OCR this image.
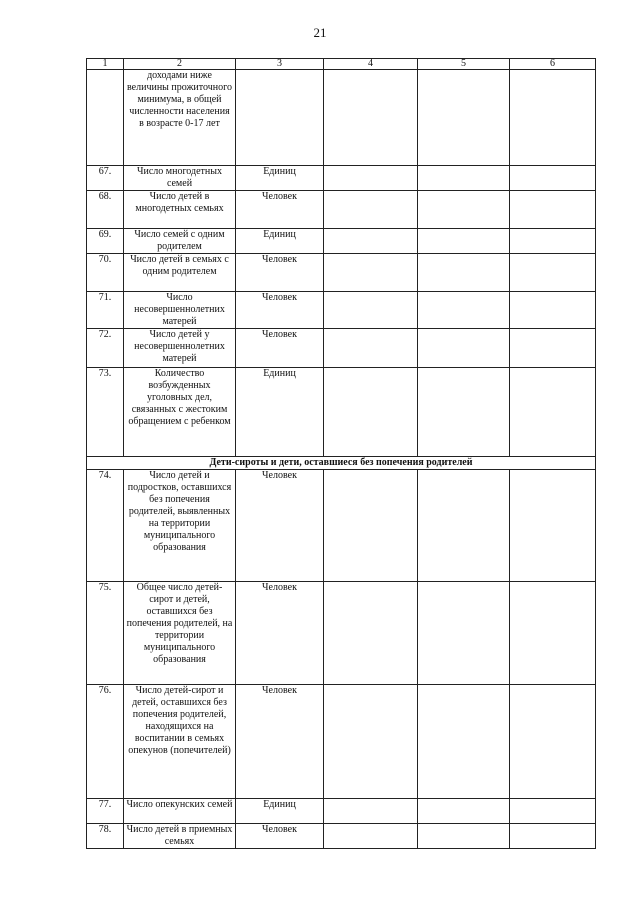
21
1	2	3	4	5	6
	доходами ниже величины прожиточного минимума, в общей численности населения в возрасте 0-17 лет				
67.	Число многодетных семей	Единиц			
68.	Число детей в многодетных семьях	Человек			
69.	Число семей с одним родителем	Единиц			
70.	Число детей в семьях с одним родителем	Человек			
71.	Число несовершеннолетних матерей	Человек			
72.	Число детей у несовершеннолетних матерей	Человек			
73.	Количество возбужденных уголовных дел, связанных с жестоким обращением с ребенком	Единиц			
Дети-сироты и дети, оставшиеся без попечения родителей					
74.	Число детей и подростков, оставшихся без попечения родителей, выявленных на территории муниципального образования	Человек			
75.	Общее число детей-сирот и детей, оставшихся без попечения родителей, на территории муниципального образования	Человек			
76.	Число детей-сирот и детей, оставшихся без попечения родителей, находящихся на воспитании в семьях опекунов (попечителей)	Человек			
77.	Число опекунских семей	Единиц			
78.	Число детей в приемных семьях	Человек			
